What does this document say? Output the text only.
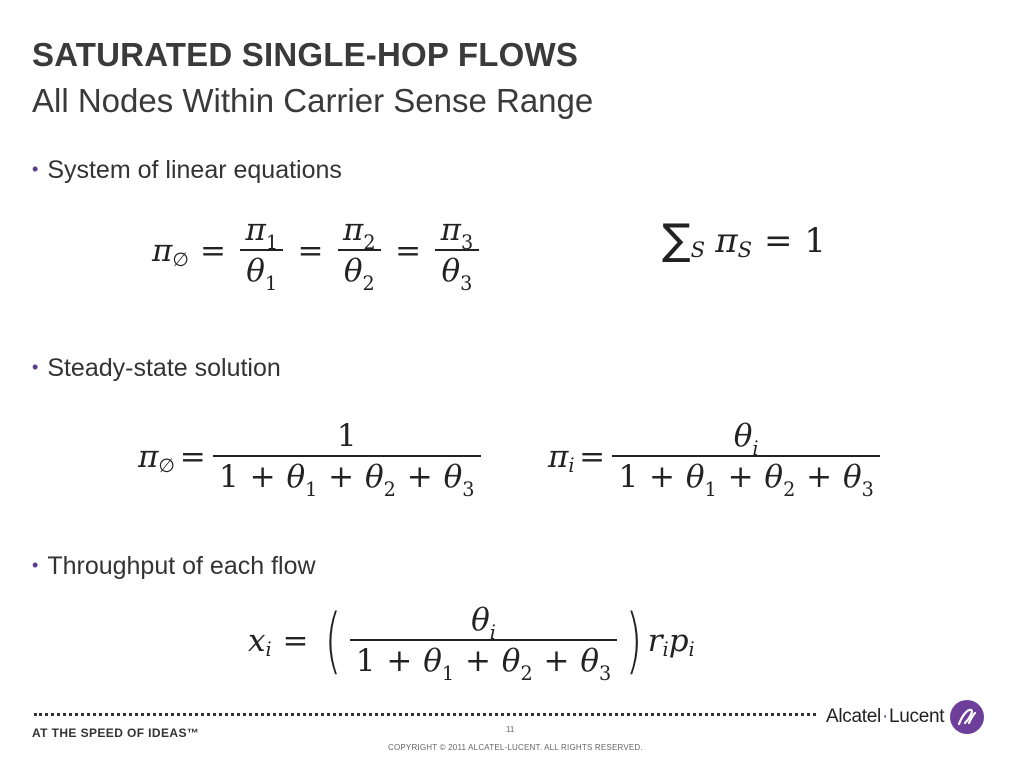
SATURATED SINGLE-HOP FLOWS
All Nodes Within Carrier Sense Range
• System of linear equations
π ∅ = $\frac{\pi_1}{\theta_1} = \frac{\pi_2}{\theta_2} = \frac{\pi_3}{\theta_3}$	∑ S π S = 1
• Steady-state solution
π ∅ = $\frac{1}{1 + \theta_1 + \theta_2 + \theta_3}$ π $i = \frac{\theta_i}{1 + \theta_1 + \theta_2 + \theta_3}$
• Throughput of each flow
x i = ( $\frac{\theta_i}{1 + \theta_1 + \theta_2 + \theta_3}$ ) r i p i
AT THE SPEED OF IDEAS™	11
COPYRIGHT © 2011 ALCATEL-LUCENT. ALL RIGHTS RESERVED.
Alcatel·Lucent
